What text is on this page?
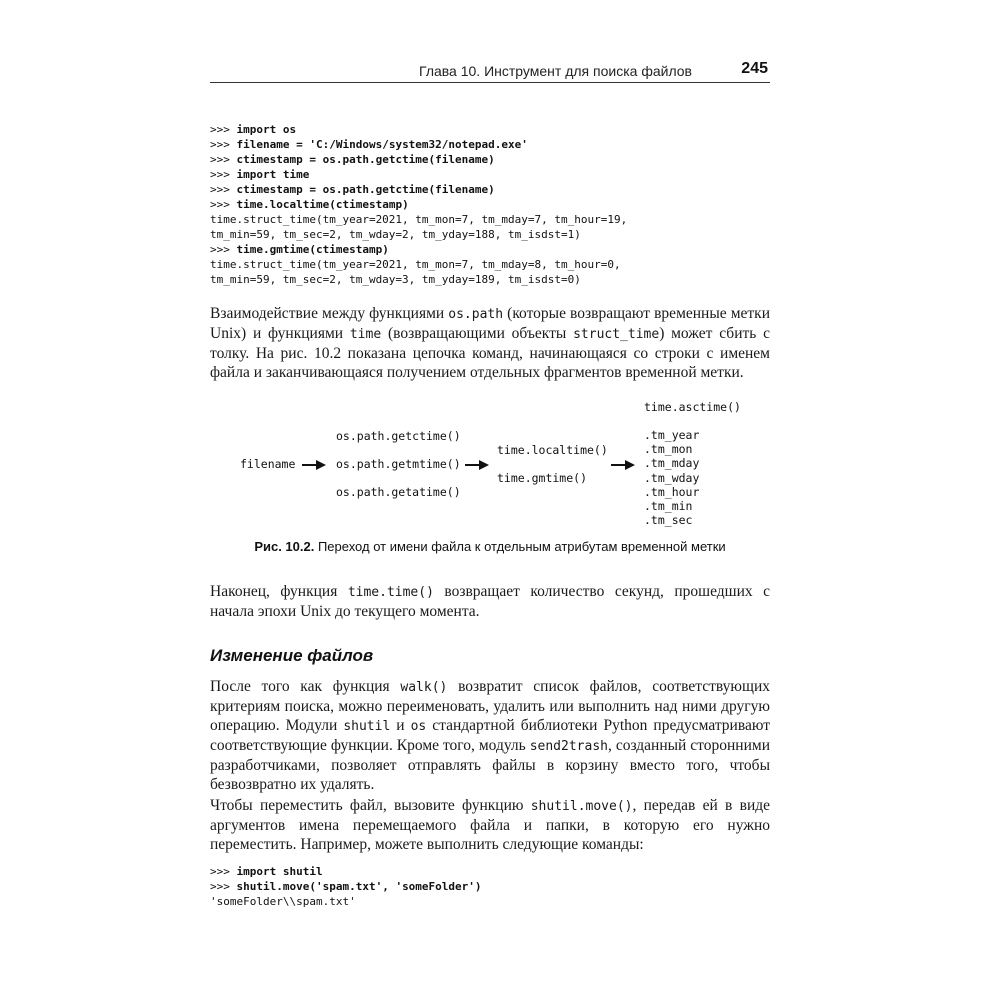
Глава 10. Инструмент для поиска файлов	245
>>> import os
>>> filename = 'C:/Windows/system32/notepad.exe'
>>> ctimestamp = os.path.getctime(filename)
>>> import time
>>> ctimestamp = os.path.getctime(filename)
>>> time.localtime(ctimestamp)
time.struct_time(tm_year=2021, tm_mon=7, tm_mday=7, tm_hour=19,
tm_min=59, tm_sec=2, tm_wday=2, tm_yday=188, tm_isdst=1)
>>> time.gmtime(ctimestamp)
time.struct_time(tm_year=2021, tm_mon=7, tm_mday=8, tm_hour=0,
tm_min=59, tm_sec=2, tm_wday=3, tm_yday=189, tm_isdst=0)

Взаимодействие между функциями os.path (которые возвращают временные метки Unix) и функциями time (возвращающими объекты struct_time) может сбить с толку. На рис. 10.2 показана цепочка команд, начинающаяся со строки с именем файла и заканчивающаяся получением отдельных фрагментов временной метки.

filename
os.path.getctime()
os.path.getmtime()
os.path.getatime()
time.localtime()
time.gmtime()
time.asctime()
.tm_year
.tm_mon
.tm_mday
.tm_wday
.tm_hour
.tm_min
.tm_sec
Рис. 10.2. Переход от имени файла к отдельным атрибутам временной метки

Наконец, функция time.time() возвращает количество секунд, прошедших с начала эпохи Unix до текущего момента.

Изменение файлов

После того как функция walk() возвратит список файлов, соответствующих критериям поиска, можно переименовать, удалить или выполнить над ними другую операцию. Модули shutil и os стандартной библиотеки Python предусматривают соответствующие функции. Кроме того, модуль send2trash, созданный сторонними разработчиками, позволяет отправлять файлы в корзину вместо того, чтобы безвозвратно их удалять.

Чтобы переместить файл, вызовите функцию shutil.move(), передав ей в виде аргументов имена перемещаемого файла и папки, в которую его нужно переместить. Например, можете выполнить следующие команды:

>>> import shutil
>>> shutil.move('spam.txt', 'someFolder')
'someFolder\\spam.txt'
